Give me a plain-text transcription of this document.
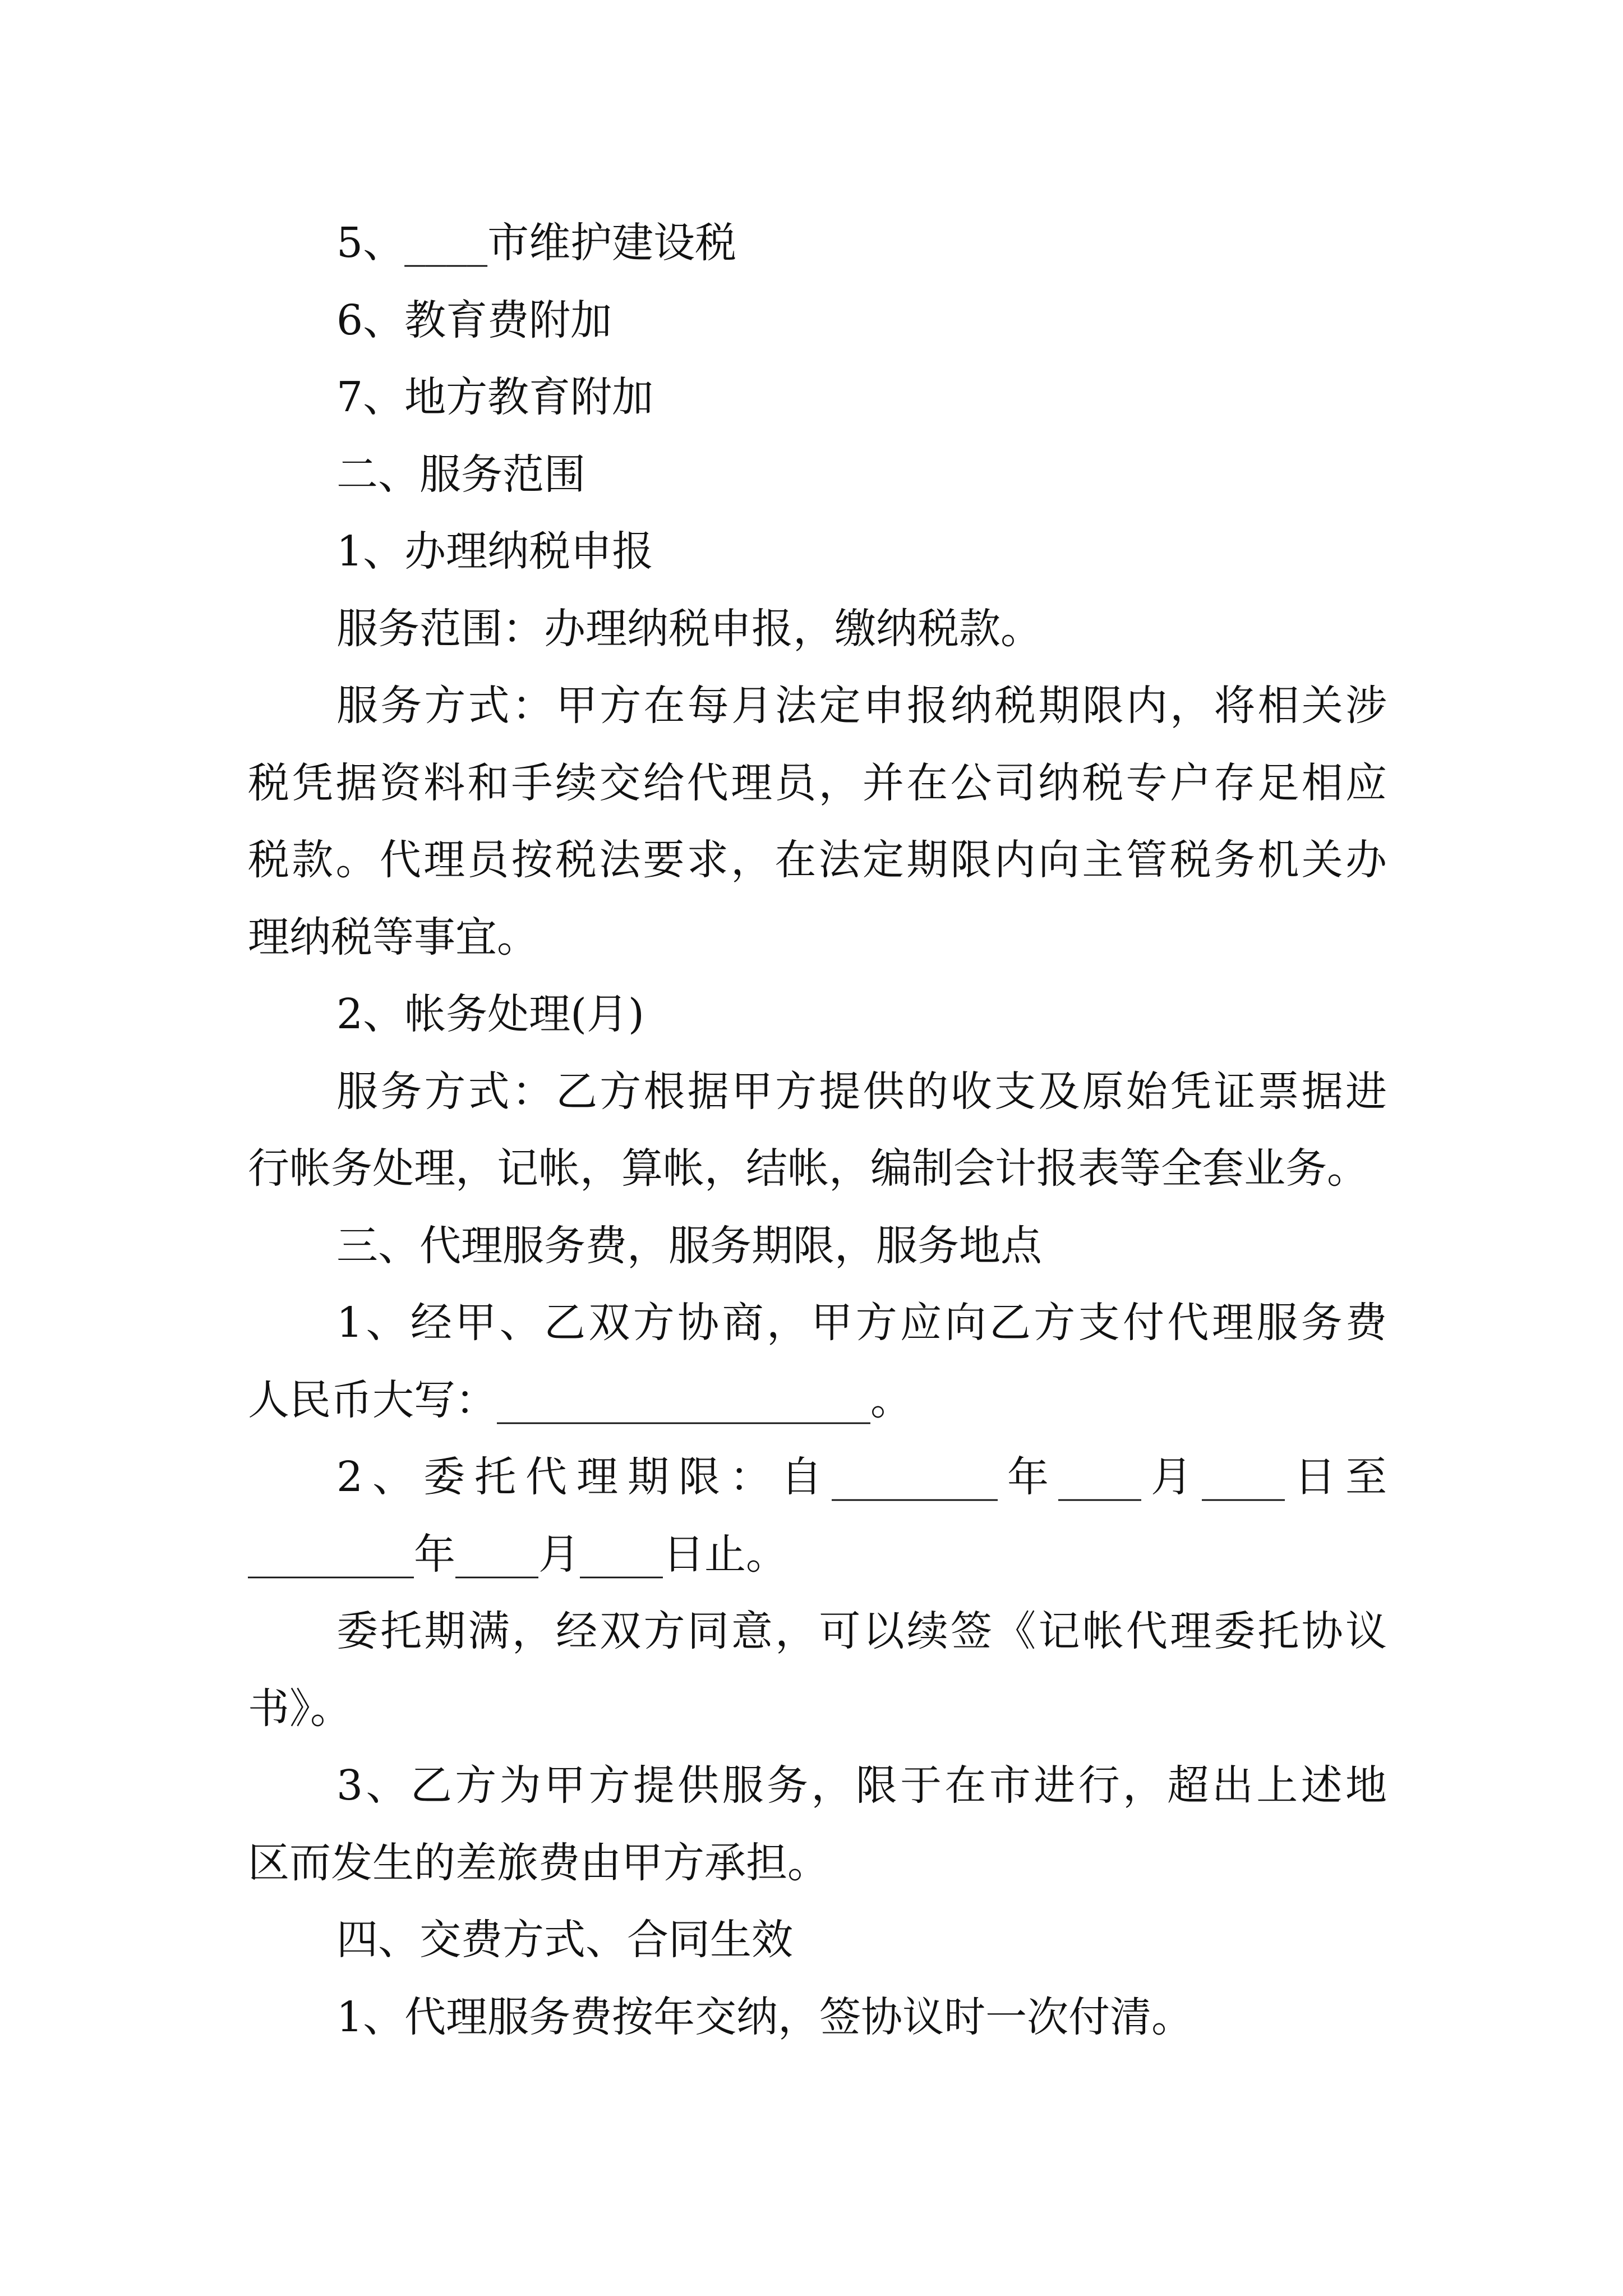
5、____市维护建设税
6、教育费附加
7、地方教育附加
二、服务范围
1、办理纳税申报
服务范围：办理纳税申报，缴纳税款。
服务方式：甲方在每月法定申报纳税期限内，将相关涉
税凭据资料和手续交给代理员，并在公司纳税专户存足相应
税款。代理员按税法要求，在法定期限内向主管税务机关办
理纳税等事宜。
2、帐务处理(月)
服务方式：乙方根据甲方提供的收支及原始凭证票据进
行帐务处理，记帐，算帐，结帐，编制会计报表等全套业务。
三、代理服务费，服务期限，服务地点
1、经甲、乙双方协商，甲方应向乙方支付代理服务费
人民币大写：__________________。
2、委托代理期限：自________年____月____日至
________年____月____日止。
委托期满，经双方同意，可以续签《记帐代理委托协议
书》。
3、乙方为甲方提供服务，限于在市进行，超出上述地
区而发生的差旅费由甲方承担。
四、交费方式、合同生效
1、代理服务费按年交纳，签协议时一次付清。
